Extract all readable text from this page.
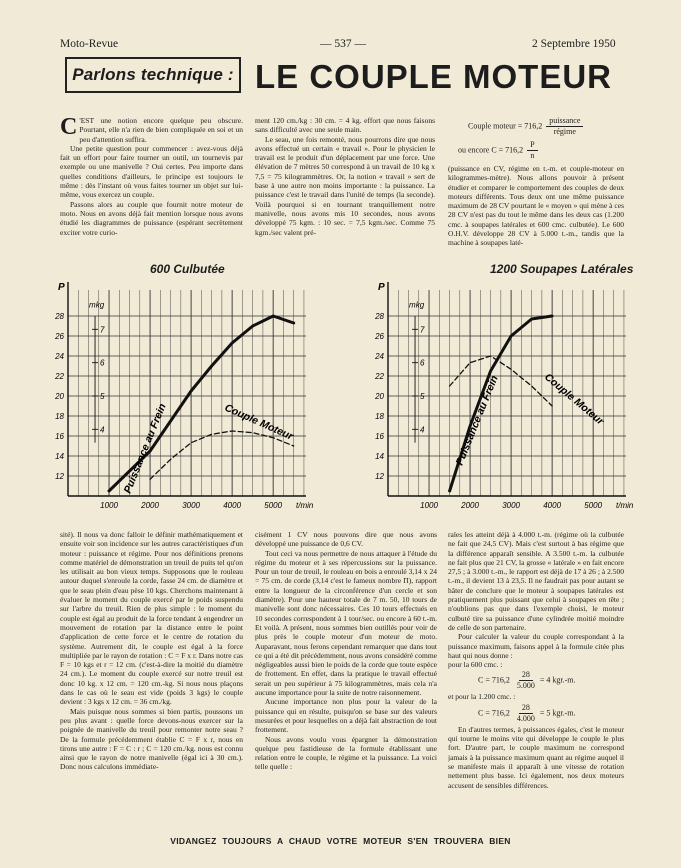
Moto-Revue	— 537 —	2 Septembre 1950
Parlons technique : LE COUPLE MOTEUR

C 'EST une notion encore quelque peu obscure. Pourtant, elle n'a rien de bien compliquée en soi et un peu d'attention suffira.

Une petite question pour commencer : avez-vous déjà fait un effort pour faire tourner un outil, un tournevis par exemple ou une manivelle ? Oui certes. Peu importe dans quelles conditions d'ailleurs, le principe est toujours le même : dès l'instant où vous faites tourner un objet sur lui-même, vous exercez un couple.

Passons alors au couple que fournit notre moteur de moto. Nous en avons déjà fait mention lorsque nous avons étudié les diagrammes de puissance (espérant secrètement exciter votre curio-

ment 120 cm./kg : 30 cm. = 4 kg. effort que nous faisons sans difficulté avec une seule main.

Le seau, une fois remonté, nous pourrons dire que nous avons effectué un certain « travail ». Pour le physicien le travail est le produit d'un déplacement par une force. Une élévation de 7 mètres 50 correspond à un travail de 10 kg x 7,5 = 75 kilogrammètres. Or, la notion « travail » sert de base à une autre non moins importante : la puissance. La puissance c'est le travail dans l'unité de temps (la seconde). Voilà pourquoi si en tournant tranquillement notre manivelle, nous avons mis 10 secondes, nous avons développé 75 kgm. : 10 sec. = 7,5 kgm./sec. Comme 75 kgm./sec valent pré-

Couple moteur = $716,2 \frac{\text{puissance}}{\text{régime}}$
ou encore $C = 716,2 \frac{P}{n}$

(puissance en CV, régime en t.-m. et couple-moteur en kilogrammes-mètre). Nous allons pouvoir à présent étudier et comparer le comportement des couples de deux moteurs différents. Tous deux ont une même puissance maximum de 28 CV pourtant le « moyen » qui mène à ces 28 CV n'est pas du tout le même dans les deux cas (1.200 cmc. à soupapes latérales et 600 cmc. culbutée). Le 600 O.H.V. développe 28 CV à 5.000 t.-m., tandis que la machine à soupapes laté-

600 Culbutée	1200 Soupapes Latérales
P
mkg
t/min
28
26
24
22
20
18
16
14
12
7
6
5
4
1000	2000	3000	4000	5000
Puissance au Frein	Couple Moteur
P
mkg
t/min
28
26
24
22
20
18
16
14
12
7
6
5
4
1000	2000	3000	4000	5000
Puissance au Frein	Couple Moteur

sité). Il nous va donc falloir le définir mathématiquement et ensuite voir son incidence sur les autres caractéristiques d'un moteur : puissance et régime. Pour nos définitions prenons comme matériel de démonstration un treuil de puits tel qu'on les utilisait au bon vieux temps. Supposons que le rouleau autour duquel s'enroule la corde, fasse 24 cm. de diamètre et que le seau plein d'eau pèse 10 kgs. Cherchons maintenant à évaluer le moment du couple exercé par le poids suspendu sur l'arbre du treuil. Rien de plus simple : le moment du couple est égal au produit de la force tendant à engendrer un mouvement de rotation par la distance entre le point d'application de cette force et le centre de rotation du système. Autrement dit, le couple est égal à la force multipliée par le rayon de rotation : C = F x r. Dans notre cas F = 10 kgs et r = 12 cm. (c'est-à-dire la moitié du diamètre 24 cm.). Le moment du couple exercé sur notre treuil est donc 10 kg. x 12 cm. = 120 cm.-kg. Si nous nous plaçons dans le cas où le seau est vide (poids 3 kgs) le couple devient : 3 kgs x 12 cm. = 36 cm./kg.

Mais puisque nous sommes si bien partis, poussons un peu plus avant : quelle force devons-nous exercer sur la poignée de manivelle du treuil pour remonter notre seau ? De la formule précédemment établie C = F x r, nous en tirons une autre : F = C : r ; C = 120 cm./kg. nous est connu ainsi que le rayon de notre manivelle (égal ici à 30 cm.). Donc nous calculons immédiate-

cisément 1 CV nous pouvons dire que nous avons développé une puissance de 0,6 CV.

Tout ceci va nous permettre de nous attaquer à l'étude du régime du moteur et à ses répercussions sur la puissance. Pour un tour de treuil, le rouleau en bois a enroulé 3,14 x 24 = 75 cm. de corde (3,14 c'est le fameux nombre Π), rapport entre la longueur de la circonférence d'un cercle et son diamètre). Pour une hauteur totale de 7 m. 50, 10 tours de manivelle sont donc nécessaires. Ces 10 tours effectués en 10 secondes correspondent à 1 tour/sec. ou encore à 60 t.-m. Et voilà. A présent, nous sommes bien outillés pour voir de plus près le couple moteur d'un moteur de moto. Auparavant, nous ferons cependant remarquer que dans tout ce qui a été dit précédemment, nous avons considéré comme négligeables aussi bien le poids de la corde que toute espèce de frottement. En effet, dans la pratique le travail effectué serait un peu supérieur à 75 kilogrammètres, mais cela n'a aucune importance pour la suite de notre raisonnement.

Aucune importance non plus pour la valeur de la puissance qui en résulte, puisqu'on se base sur des valeurs mesurées et pour lesquelles on a déjà fait abstraction de tout frottement.

Nous avons voulu vous épargner la démonstration quelque peu fastidieuse de la formule établissant une relation entre le couple, le régime et la puissance. La voici telle quelle :

rales les atteint déjà à 4.000 t.-m. (régime où la culbutée ne fait que 24,5 CV). Mais c'est surtout à bas régime que la différence apparaît sensible. A 3.500 t.-m. la culbutée ne fait plus que 21 CV, la grosse « latérale » en fait encore 27,5 ; à 3.000 t.-m., le rapport est déjà de 17 à 26 ; à 2.500 t.-m., il devient 13 à 23,5. Il ne faudrait pas pour autant se hâter de conclure que le moteur à soupapes latérales est pratiquement plus puissant que celui à soupapes en tête ; n'oublions pas que dans l'exemple choisi, le moteur culbuté tire sa puissance d'une cylindrée moitié moindre de celle de son partenaire.

Pour calculer la valeur du couple correspondant à la puissance maximum, faisons appel à la formule citée plus haut qui nous donne :

pour la 600 cmc. :

$C = 716,2 \frac{28}{5.000} = 4$ kgr.-m.

et pour la 1.200 cmc. :

$C = 716,2 \frac{28}{4.000} = 5$ kgr.-m.

En d'autres termes, à puissances égales, c'est le moteur qui tourne le moins vite qui développe le couple le plus fort. D'autre part, le couple maximum ne correspond jamais à la puissance maximum quant au régime auquel il se manifeste mais il apparaît à une vitesse de rotation nettement plus basse. Ici également, nos deux moteurs accusent de sensibles différences.

VIDANGEZ TOUJOURS A CHAUD VOTRE MOTEUR S'EN TROUVERA BIEN
